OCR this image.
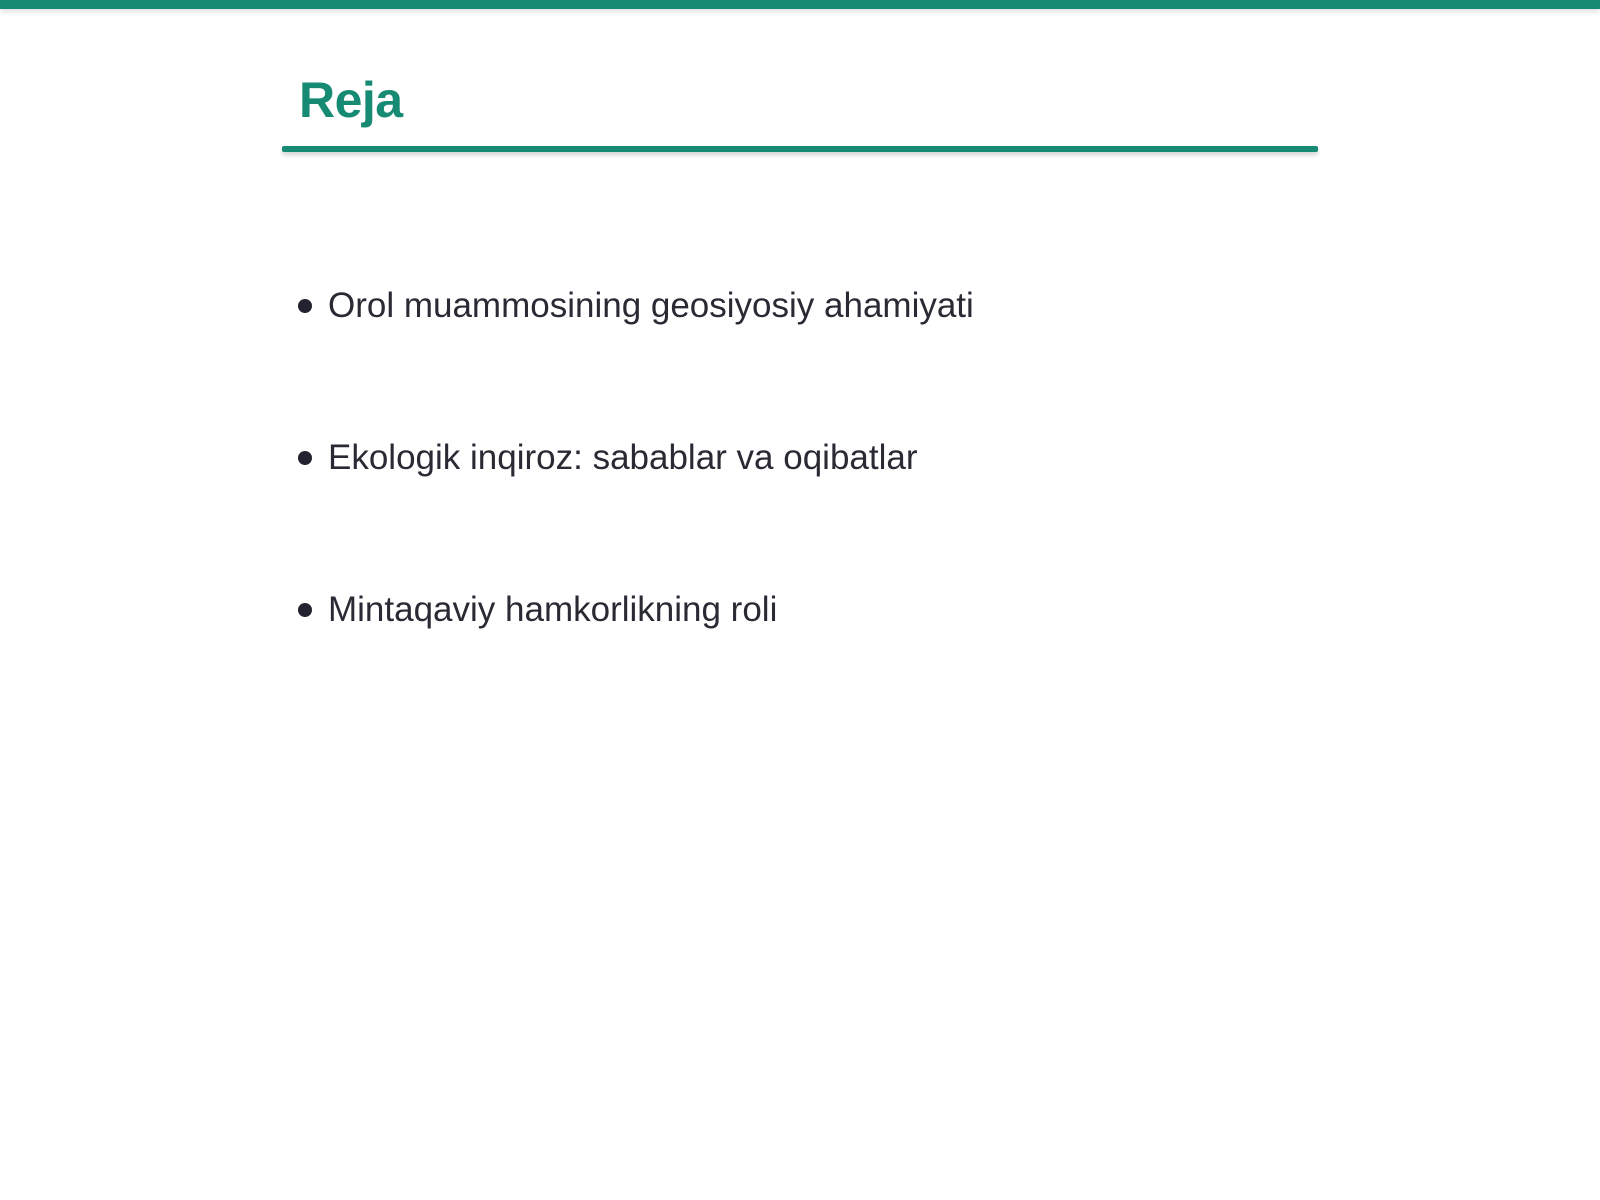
Reja
Orol muammosining geosiyosiy ahamiyati
Ekologik inqiroz: sabablar va oqibatlar
Mintaqaviy hamkorlikning roli
